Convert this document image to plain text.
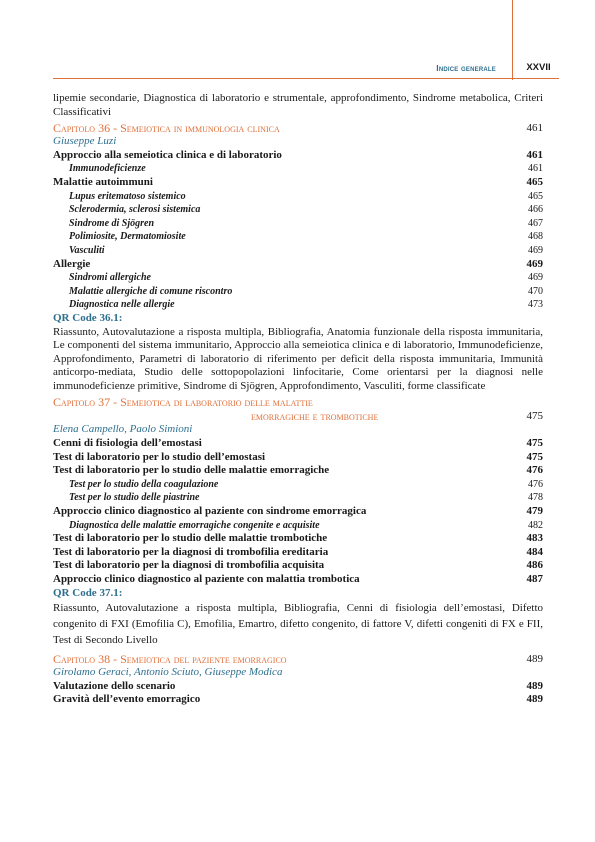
Indice generale	XXVII
lipemie secondarie, Diagnostica di laboratorio e strumentale, approfondimento, Sindrome metabolica, Criteri Classificativi
Capitolo 36 - Semeiotica in immunologia clinica	461
Giuseppe Luzi
Approccio alla semeiotica clinica e di laboratorio	461
Immunodeficienze	461
Malattie autoimmuni	465
Lupus eritematoso sistemico	465
Sclerodermia, sclerosi sistemica	466
Sindrome di Sjögren	467
Polimiosite, Dermatomiosite	468
Vasculiti	469
Allergie	469
Sindromi allergiche	469
Malattie allergiche di comune riscontro	470
Diagnostica nelle allergie	473
QR Code 36.1:
Riassunto, Autovalutazione a risposta multipla, Bibliografia, Anatomia funzionale della risposta immunitaria, Le componenti del sistema immunitario, Approccio alla semeiotica clinica e di laboratorio, Immunodeficienze, Approfondimento, Parametri di laboratorio di riferimento per deficit della risposta immunitaria, Immunità anticorpo-mediata, Studio delle sottopopolazioni linfocitarie, Come orientarsi per la diagnosi nelle immunodeficienze primitive, Sindrome di Sjögren, Approfondimento, Vasculiti, forme classificate
Capitolo 37 - Semeiotica di laboratorio delle malattie
emorragiche e trombotiche	475
Elena Campello, Paolo Simioni
Cenni di fisiologia dell’emostasi	475
Test di laboratorio per lo studio dell’emostasi	475
Test di laboratorio per lo studio delle malattie emorragiche	476
Test per lo studio della coagulazione	476
Test per lo studio delle piastrine	478
Approccio clinico diagnostico al paziente con sindrome emorragica	479
Diagnostica delle malattie emorragiche congenite e acquisite	482
Test di laboratorio per lo studio delle malattie trombotiche	483
Test di laboratorio per la diagnosi di trombofilia ereditaria	484
Test di laboratorio per la diagnosi di trombofilia acquisita	486
Approccio clinico diagnostico al paziente con malattia trombotica	487
QR Code 37.1:
Riassunto, Autovalutazione a risposta multipla, Bibliografia, Cenni di fisiologia dell’emostasi, Difetto congenito di FXI (Emofilia C), Emofilia, Emartro, difetto congenito, di fattore V, difetti congeniti di FX e FII, Test di Secondo Livello
Capitolo 38 - Semeiotica del paziente emorragico	489
Girolamo Geraci, Antonio Sciuto, Giuseppe Modica
Valutazione dello scenario	489
Gravità dell’evento emorragico	489
